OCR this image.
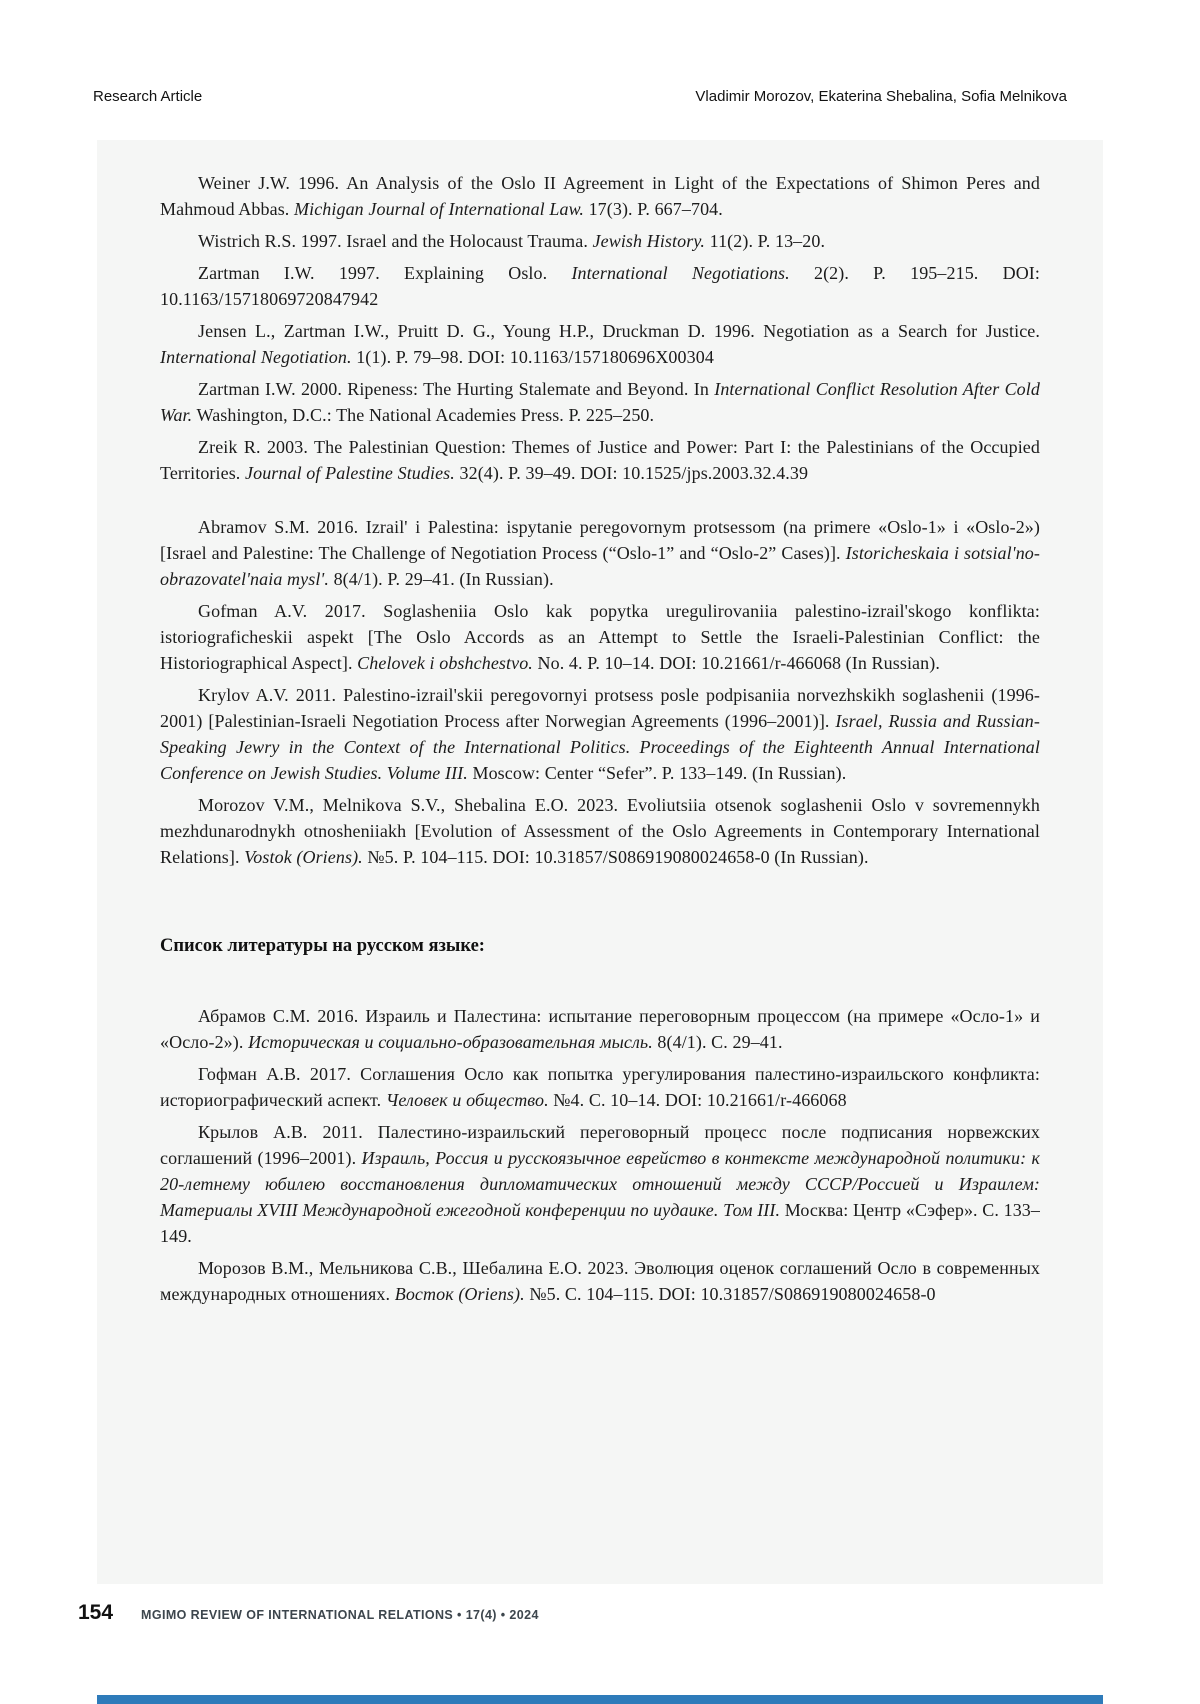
Research Article	Vladimir Morozov, Ekaterina Shebalina, Sofia Melnikova

Weiner J.W. 1996. An Analysis of the Oslo II Agreement in Light of the Expectations of Shimon Peres and Mahmoud Abbas. Michigan Journal of International Law. 17(3). P. 667–704.

Wistrich R.S. 1997. Israel and the Holocaust Trauma. Jewish History. 11(2). P. 13–20.

Zartman I.W. 1997. Explaining Oslo. International Negotiations. 2(2). P. 195–215. DOI: 10.1163/15718069720847942

Jensen L., Zartman I.W., Pruitt D. G., Young H.P., Druckman D. 1996. Negotiation as a Search for Justice. International Negotiation. 1(1). P. 79–98. DOI: 10.1163/157180696X00304

Zartman I.W. 2000. Ripeness: The Hurting Stalemate and Beyond. In International Conflict Resolution After Cold War. Washington, D.C.: The National Academies Press. P. 225–250.

Zreik R. 2003. The Palestinian Question: Themes of Justice and Power: Part I: the Palestinians of the Occupied Territories. Journal of Palestine Studies. 32(4). P. 39–49. DOI: 10.1525/jps.2003.32.4.39

Abramov S.M. 2016. Izrail' i Palestina: ispytanie peregovornym protsessom (na primere «Oslo-1» i «Oslo-2») [Israel and Palestine: The Challenge of Negotiation Process (“Oslo-1” and “Oslo-2” Cases)]. Istoricheskaia i sotsial'no-obrazovatel'naia mysl'. 8(4/1). P. 29–41. (In Russian).

Gofman A.V. 2017. Soglasheniia Oslo kak popytka uregulirovaniia palestino-izrail'skogo konflikta: istoriograficheskii aspekt [The Oslo Accords as an Attempt to Settle the Israeli-Palestinian Conflict: the Historiographical Aspect]. Chelovek i obshchestvo. No. 4. P. 10–14. DOI: 10.21661/r-466068 (In Russian).

Krylov A.V. 2011. Palestino-izrail'skii peregovornyi protsess posle podpisaniia norvezhskikh soglashenii (1996-2001) [Palestinian-Israeli Negotiation Process after Norwegian Agreements (1996–2001)]. Israel, Russia and Russian-Speaking Jewry in the Context of the International Politics. Proceedings of the Eighteenth Annual International Conference on Jewish Studies. Volume III. Moscow: Center “Sefer”. P. 133–149. (In Russian).

Morozov V.M., Melnikova S.V., Shebalina E.O. 2023. Evoliutsiia otsenok soglashenii Oslo v sovremennykh mezhdunarodnykh otnosheniiakh [Evolution of Assessment of the Oslo Agreements in Contemporary International Relations]. Vostok (Oriens). №5. P. 104–115. DOI: 10.31857/S086919080024658-0 (In Russian).

Список литературы на русском языке:

Абрамов С.М. 2016. Израиль и Палестина: испытание переговорным процессом (на примере «Осло-1» и «Осло-2»). Историческая и социально-образовательная мысль. 8(4/1). С. 29–41.

Гофман А.В. 2017. Соглашения Осло как попытка урегулирования палестино-израильского конфликта: историографический аспект. Человек и общество. №4. С. 10–14. DOI: 10.21661/r-466068

Крылов А.В. 2011. Палестино-израильский переговорный процесс после подписания норвежских соглашений (1996–2001). Израиль, Россия и русскоязычное еврейство в контексте международной политики: к 20-летнему юбилею восстановления дипломатических отношений между СССР/Россией и Израилем: Материалы XVIII Международной ежегодной конференции по иудаике. Том III. Москва: Центр «Сэфер». С. 133–149.

Морозов В.М., Мельникова С.В., Шебалина Е.О. 2023. Эволюция оценок соглашений Осло в современных международных отношениях. Восток (Oriens). №5. С. 104–115. DOI: 10.31857/S086919080024658-0

154 MGIMO REVIEW OF INTERNATIONAL RELATIONS • 17(4) • 2024
